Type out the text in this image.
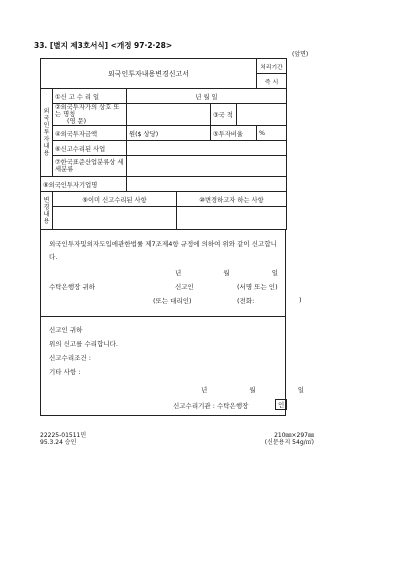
33. [별지 제3호서식] <개정 97·2·28>
(앞면)
외국인투자내용변경신고서						처리기간
						즉 시
외국인투자내용	①신 고 수 리 일	년 월 일				
	②외국투자가의 상호 또는 명칭
(영 문)			③국 적		
	④외국투자금액	원($ 상당)		⑤투자비율		%
	⑥신고수리된 사업					
	⑦한국표준산업분류상 세세분류					
⑧외국인투자기업명						
변경내용	⑨이미 신고수리된 사항		⑩변경하고자 하는 사항			

외국인투자및외자도입에관한법률 제7조제4항 규정에 의하여 위와 같이 신고합니다.
년 월 일
수탁은행장 귀하	신고인	(서명 또는 인)
(또는 대리인)	(전화:	)
신고인 귀하
위의 신고를 수리합니다.
신고수리조건 :
기타 사항 :
년 월 일
신고수리기관 : 수탁은행장	인
22225-01511민
95.3.24 승인
210㎜×297㎜
(신문용지 54g/㎡)
